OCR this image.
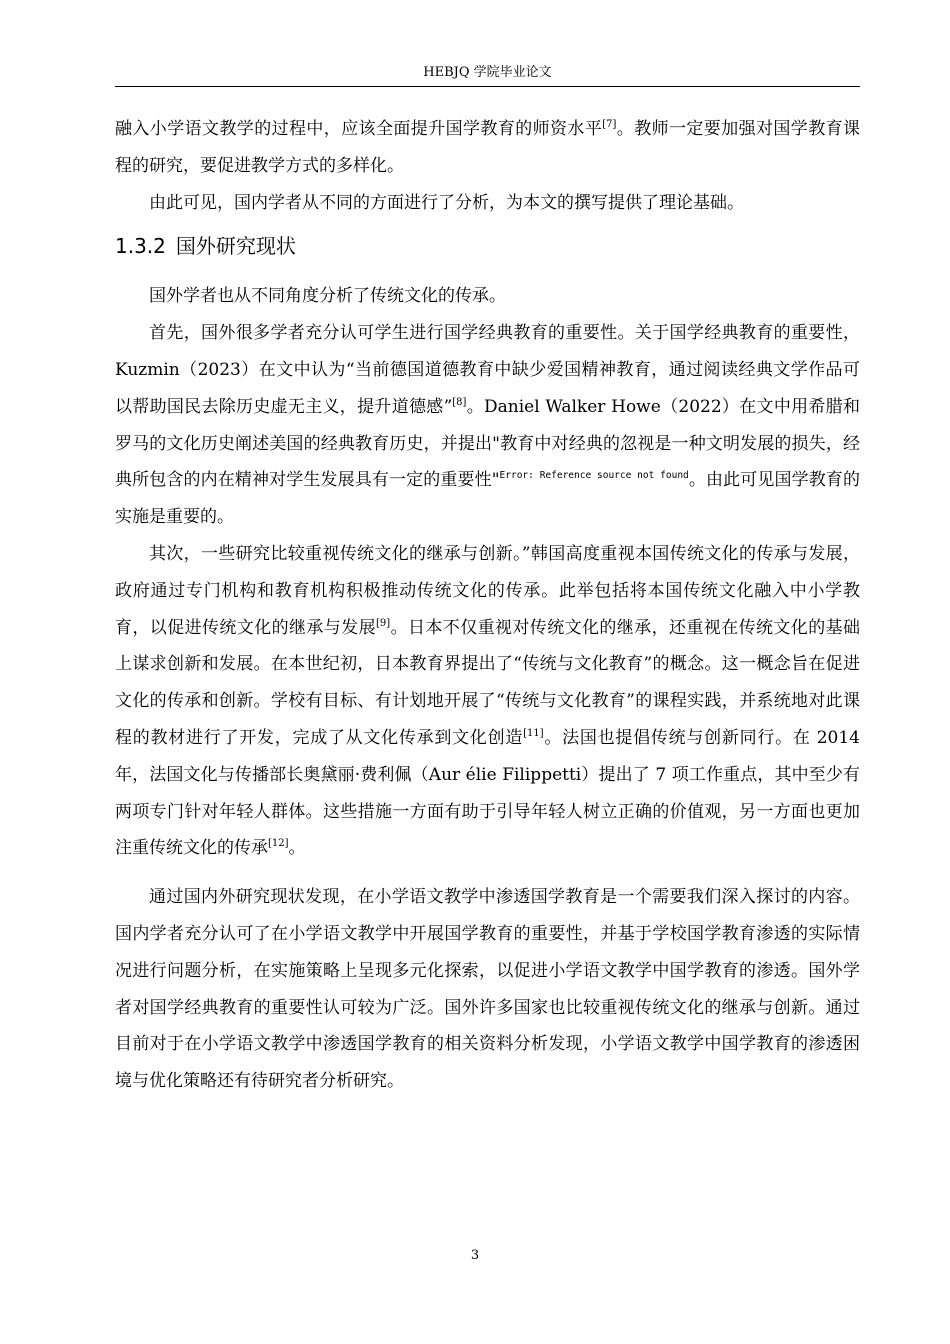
HEBJQ 学院毕业论文

融入小学语文教学的过程中，应该全面提升国学教育的师资水平[7]。教师一定要加强对国学教育课程的研究，要促进教学方式的多样化。

由此可见，国内学者从不同的方面进行了分析，为本文的撰写提供了理论基础。

1.3.2 国外研究现状

国外学者也从不同角度分析了传统文化的传承。

首先，国外很多学者充分认可学生进行国学经典教育的重要性。关于国学经典教育的重要性，Kuzmin（2023）在文中认为“当前德国道德教育中缺少爱国精神教育，通过阅读经典文学作品可以帮助国民去除历史虚无主义，提升道德感”[8]。Daniel Walker Howe（2022）在文中用希腊和罗马的文化历史阐述美国的经典教育历史，并提出"教育中对经典的忽视是一种文明发展的损失，经典所包含的内在精神对学生发展具有一定的重要性"$^{Error: Reference source not found}$。由此可见国学教育的实施是重要的。

其次，一些研究比较重视传统文化的继承与创新。”韩国高度重视本国传统文化的传承与发展，政府通过专门机构和教育机构积极推动传统文化的传承。此举包括将本国传统文化融入中小学教育，以促进传统文化的继承与发展[9]。日本不仅重视对传统文化的继承，还重视在传统文化的基础上谋求创新和发展。在本世纪初，日本教育界提出了“传统与文化教育”的概念。这一概念旨在促进文化的传承和创新。学校有目标、有计划地开展了“传统与文化教育”的课程实践，并系统地对此课程的教材进行了开发，完成了从文化传承到文化创造[11]。法国也提倡传统与创新同行。在 2014 年，法国文化与传播部长奥黛丽·费利佩（Aur élie Filippetti）提出了 7 项工作重点，其中至少有两项专门针对年轻人群体。这些措施一方面有助于引导年轻人树立正确的价值观，另一方面也更加注重传统文化的传承[12]。

通过国内外研究现状发现，在小学语文教学中渗透国学教育是一个需要我们深入探讨的内容。国内学者充分认可了在小学语文教学中开展国学教育的重要性，并基于学校国学教育渗透的实际情况进行问题分析，在实施策略上呈现多元化探索，以促进小学语文教学中国学教育的渗透。国外学者对国学经典教育的重要性认可较为广泛。国外许多国家也比较重视传统文化的继承与创新。通过目前对于在小学语文教学中渗透国学教育的相关资料分析发现，小学语文教学中国学教育的渗透困境与优化策略还有待研究者分析研究。

3
